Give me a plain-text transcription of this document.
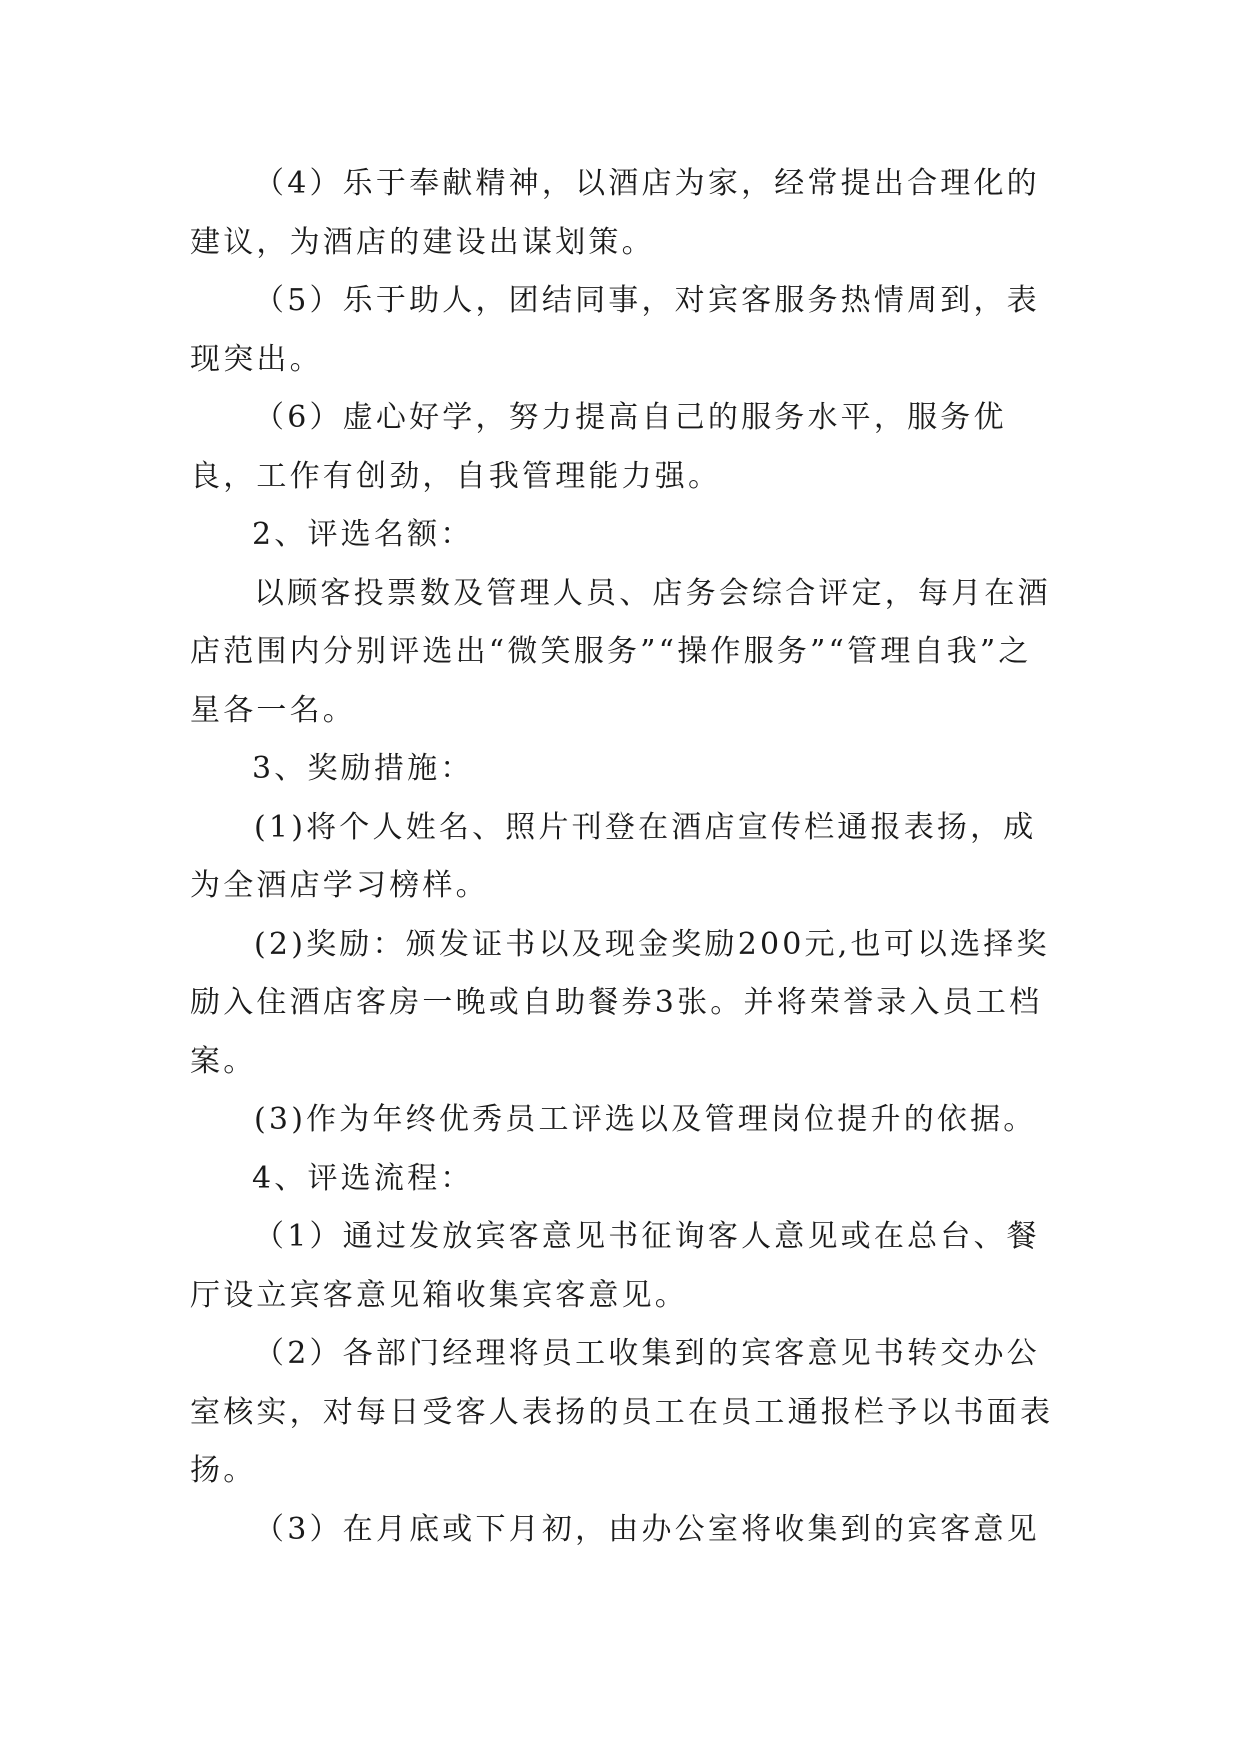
（4）乐于奉献精神，以酒店为家，经常提出合理化的建议，为酒店的建设出谋划策。

（5）乐于助人，团结同事，对宾客服务热情周到，表现突出。

（6）虚心好学，努力提高自己的服务水平，服务优良，工作有创劲，自我管理能力强。

2、评选名额：

以顾客投票数及管理人员、店务会综合评定，每月在酒店范围内分别评选出“微笑服务”“操作服务”“管理自我”之星各一名。

3、奖励措施：

(1)将个人姓名、照片刊登在酒店宣传栏通报表扬，成为全酒店学习榜样。

(2)奖励：颁发证书以及现金奖励200元,也可以选择奖励入住酒店客房一晚或自助餐券3张。并将荣誉录入员工档案。

(3)作为年终优秀员工评选以及管理岗位提升的依据。

4、评选流程：

（1）通过发放宾客意见书征询客人意见或在总台、餐厅设立宾客意见箱收集宾客意见。

（2）各部门经理将员工收集到的宾客意见书转交办公室核实，对每日受客人表扬的员工在员工通报栏予以书面表扬。

（3）在月底或下月初，由办公室将收集到的宾客意见
